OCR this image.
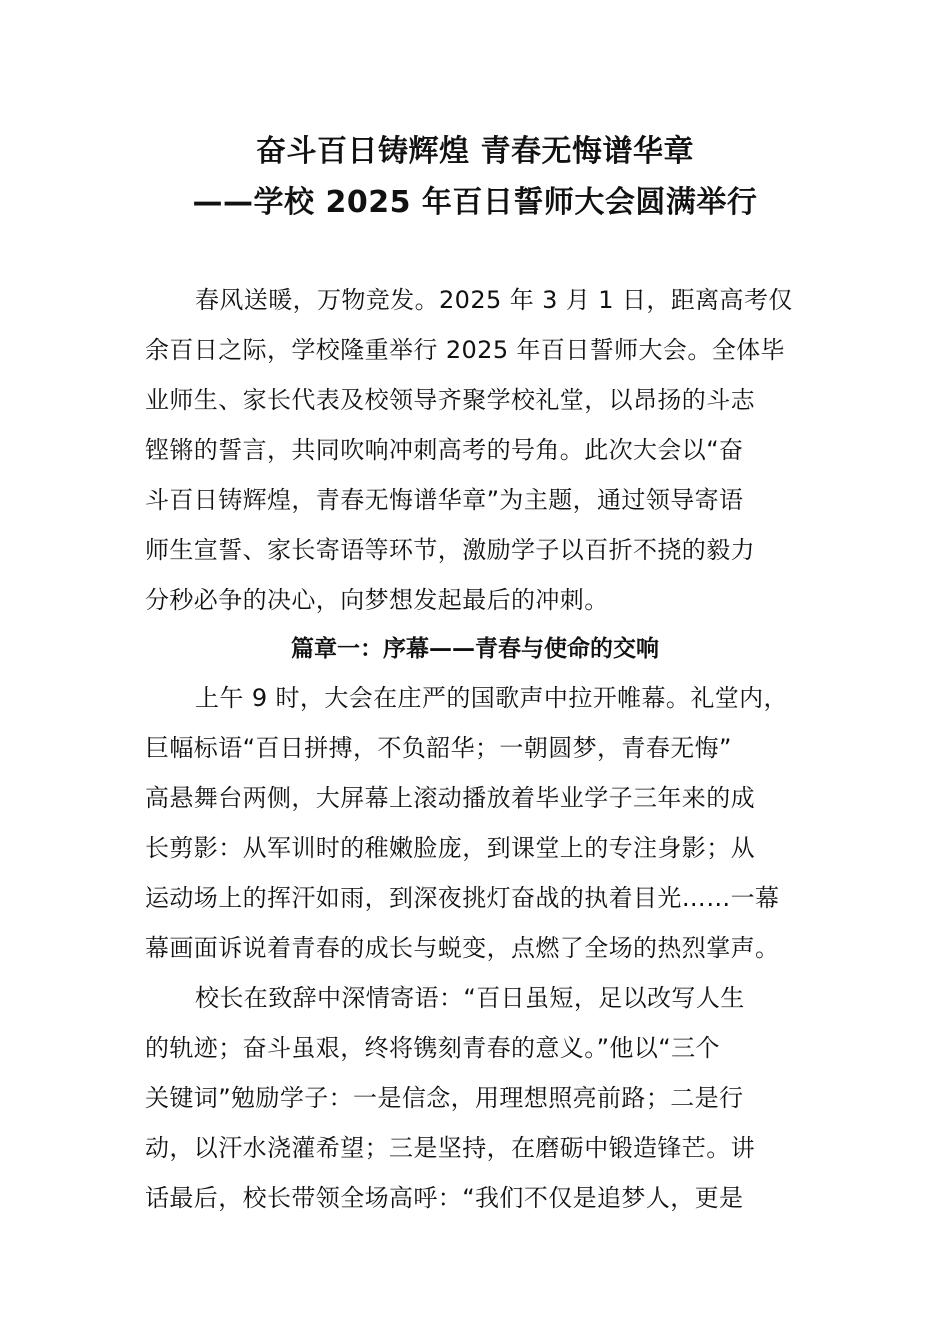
奋斗百日铸辉煌 青春无悔谱华章
——学校 2025 年百日誓师大会圆满举行
春风送暖，万物竞发。2025 年 3 月 1 日，距离高考仅
余百日之际，学校隆重举行 2025 年百日誓师大会。全体毕
业师生、家长代表及校领导齐聚学校礼堂，以昂扬的斗志
铿锵的誓言，共同吹响冲刺高考的号角。此次大会以“奋
斗百日铸辉煌，青春无悔谱华章”为主题，通过领导寄语
师生宣誓、家长寄语等环节，激励学子以百折不挠的毅力
分秒必争的决心，向梦想发起最后的冲刺。
篇章一：序幕——青春与使命的交响
上午 9 时，大会在庄严的国歌声中拉开帷幕。礼堂内，
巨幅标语“百日拼搏，不负韶华；一朝圆梦，青春无悔”
高悬舞台两侧，大屏幕上滚动播放着毕业学子三年来的成
长剪影：从军训时的稚嫩脸庞，到课堂上的专注身影；从
运动场上的挥汗如雨，到深夜挑灯奋战的执着目光……一幕
幕画面诉说着青春的成长与蜕变，点燃了全场的热烈掌声。
校长在致辞中深情寄语：“百日虽短，足以改写人生
的轨迹；奋斗虽艰，终将镌刻青春的意义。”他以“三个
关键词”勉励学子：一是信念，用理想照亮前路；二是行
动，以汗水浇灌希望；三是坚持，在磨砺中锻造锋芒。讲
话最后，校长带领全场高呼：“我们不仅是追梦人，更是
